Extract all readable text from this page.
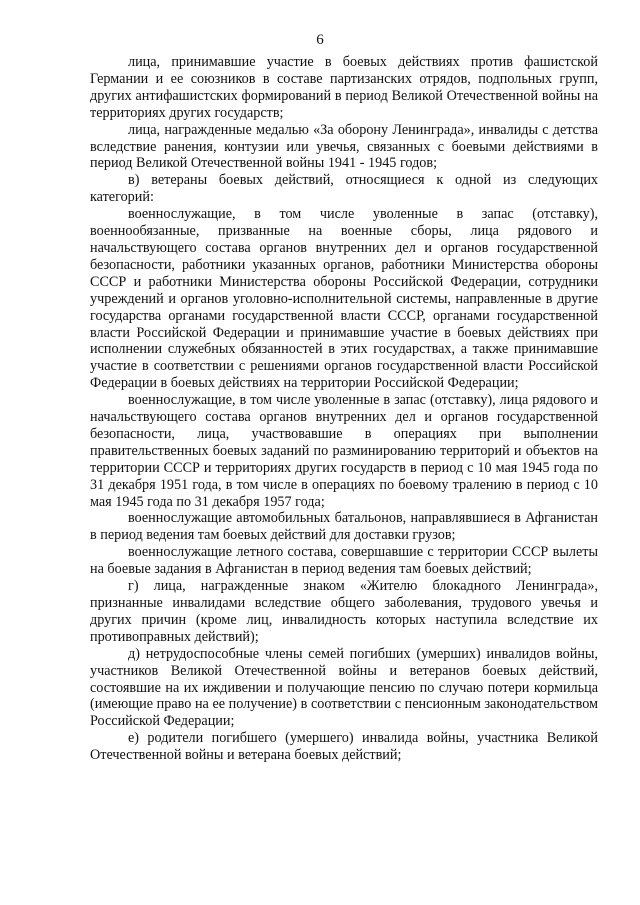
6

лица, принимавшие участие в боевых действиях против фашистской Германии и ее союзников в составе партизанских отрядов, подпольных групп, других антифашистских формирований в период Великой Отечественной войны на территориях других государств;

лица, награжденные медалью «За оборону Ленинграда», инвалиды с детства вследствие ранения, контузии или увечья, связанных с боевыми действиями в период Великой Отечественной войны 1941 - 1945 годов;

в) ветераны боевых действий, относящиеся к одной из следующих категорий:

военнослужащие, в том числе уволенные в запас (отставку), военнообязанные, призванные на военные сборы, лица рядового и начальствующего состава органов внутренних дел и органов государственной безопасности, работники указанных органов, работники Министерства обороны СССР и работники Министерства обороны Российской Федерации, сотрудники учреждений и органов уголовно-исполнительной системы, направленные в другие государства органами государственной власти СССР, органами государственной власти Российской Федерации и принимавшие участие в боевых действиях при исполнении служебных обязанностей в этих государствах, а также принимавшие участие в соответствии с решениями органов государственной власти Российской Федерации в боевых действиях на территории Российской Федерации;

военнослужащие, в том числе уволенные в запас (отставку), лица рядового и начальствующего состава органов внутренних дел и органов государственной безопасности, лица, участвовавшие в операциях при выполнении правительственных боевых заданий по разминированию территорий и объектов на территории СССР и территориях других государств в период с 10 мая 1945 года по 31 декабря 1951 года, в том числе в операциях по боевому тралению в период с 10 мая 1945 года по 31 декабря 1957 года;

военнослужащие автомобильных батальонов, направлявшиеся в Афганистан в период ведения там боевых действий для доставки грузов;

военнослужащие летного состава, совершавшие с территории СССР вылеты на боевые задания в Афганистан в период ведения там боевых действий;

г) лица, награжденные знаком «Жителю блокадного Ленинграда», признанные инвалидами вследствие общего заболевания, трудового увечья и других причин (кроме лиц, инвалидность которых наступила вследствие их противоправных действий);

д) нетрудоспособные члены семей погибших (умерших) инвалидов войны, участников Великой Отечественной войны и ветеранов боевых действий, состоявшие на их иждивении и получающие пенсию по случаю потери кормильца (имеющие право на ее получение) в соответствии с пенсионным законодательством Российской Федерации;

е) родители погибшего (умершего) инвалида войны, участника Великой Отечественной войны и ветерана боевых действий;
